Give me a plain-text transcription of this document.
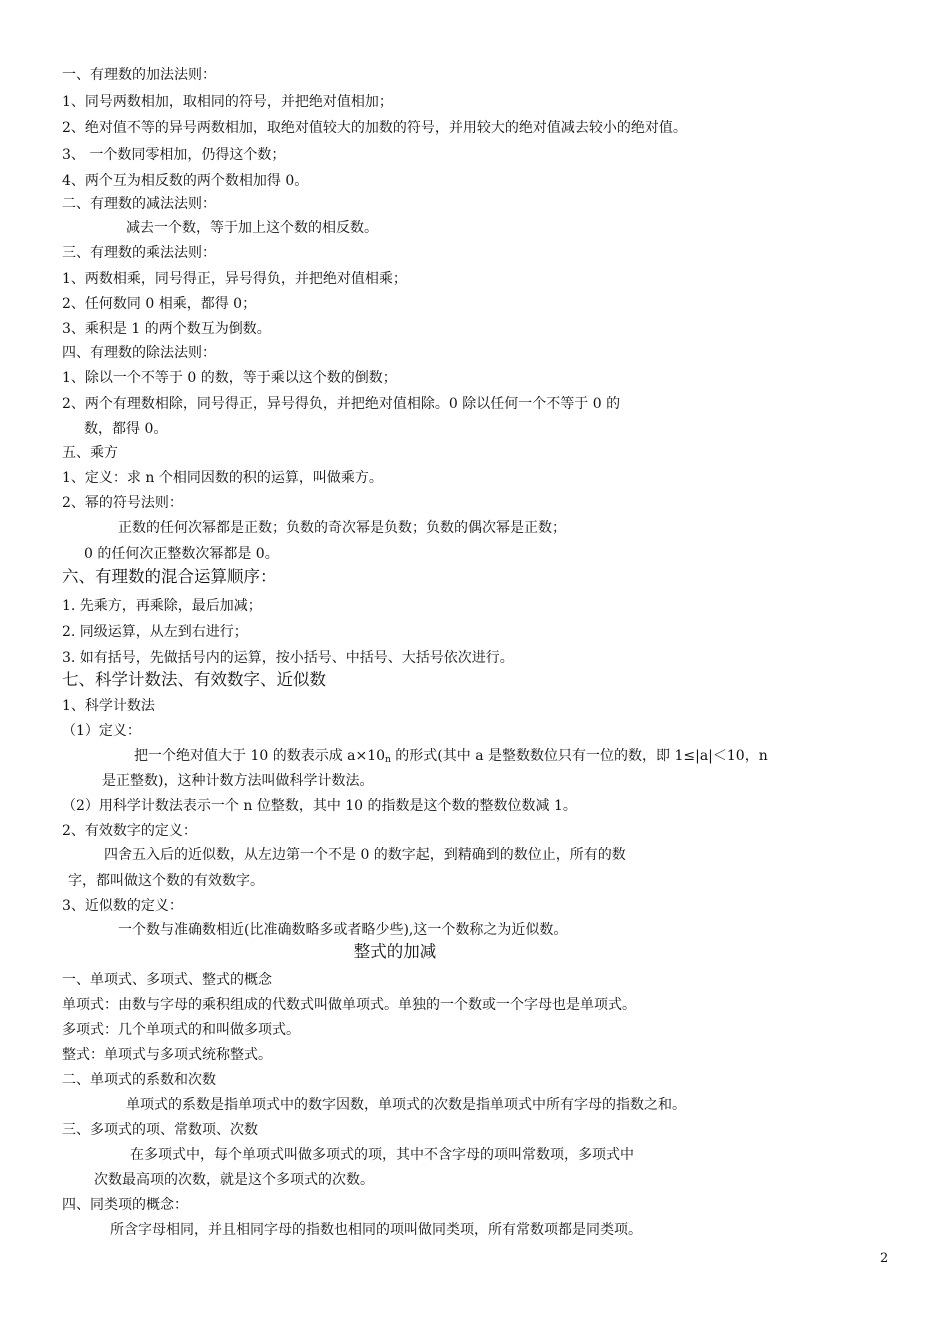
一、有理数的加法法则：
1、同号两数相加，取相同的符号，并把绝对值相加；
2、绝对值不等的异号两数相加，取绝对值较大的加数的符号，并用较大的绝对值减去较小的绝对值。
3、 一个数同零相加，仍得这个数；
4、两个互为相反数的两个数相加得 0。
二、有理数的减法法则：
减去一个数，等于加上这个数的相反数。
三、有理数的乘法法则：
1、两数相乘，同号得正，异号得负，并把绝对值相乘；
2、任何数同 0 相乘，都得 0；
3、乘积是 1 的两个数互为倒数。
四、有理数的除法法则：
1、除以一个不等于 0 的数，等于乘以这个数的倒数；
2、两个有理数相除，同号得正，异号得负，并把绝对值相除。0 除以任何一个不等于 0 的
数，都得 0。
五、乘方
1、定义：求 n 个相同因数的积的运算，叫做乘方。
2、幂的符号法则：
正数的任何次幂都是正数；负数的奇次幂是负数；负数的偶次幂是正数；
0 的任何次正整数次幂都是 0。
六、有理数的混合运算顺序：
1. 先乘方，再乘除，最后加减；
2. 同级运算，从左到右进行；
3. 如有括号，先做括号内的运算，按小括号、中括号、大括号依次进行。
七、科学计数法、有效数字、近似数
1、科学计数法
（1）定义：
把一个绝对值大于 10 的数表示成 $a\times 10_n$ 的形式(其中 a 是整数数位只有一位的数，即 1≤|a|＜10，n
是正整数)，这种计数方法叫做科学计数法。
（2）用科学计数法表示一个 n 位整数，其中 10 的指数是这个数的整数位数减 1。
2、有效数字的定义：
四舍五入后的近似数，从左边第一个不是 0 的数字起，到精确到的数位止，所有的数
字，都叫做这个数的有效数字。
3、近似数的定义：
一个数与准确数相近(比准确数略多或者略少些),这一个数称之为近似数。
整式的加减
一、单项式、多项式、整式的概念
单项式：由数与字母的乘积组成的代数式叫做单项式。单独的一个数或一个字母也是单项式。
多项式：几个单项式的和叫做多项式。
整式：单项式与多项式统称整式。
二、单项式的系数和次数
单项式的系数是指单项式中的数字因数，单项式的次数是指单项式中所有字母的指数之和。
三、多项式的项、常数项、次数
在多项式中，每个单项式叫做多项式的项，其中不含字母的项叫常数项，多项式中
次数最高项的次数，就是这个多项式的次数。
四、同类项的概念：
所含字母相同，并且相同字母的指数也相同的项叫做同类项，所有常数项都是同类项。
2
